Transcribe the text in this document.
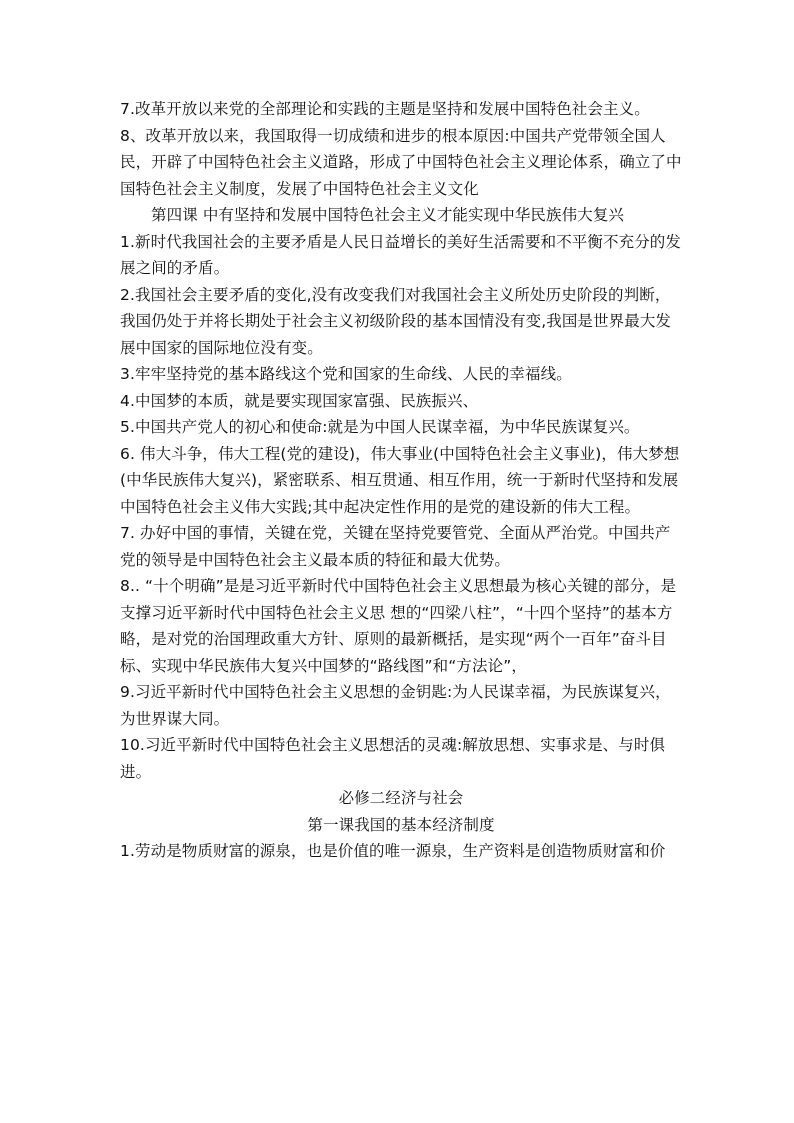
7.改革开放以来党的全部理论和实践的主题是坚持和发展中国特色社会主义。

8、改革开放以来，我国取得一切成绩和进步的根本原因:中国共产党带领全国人民，开辟了中国特色社会主义道路，形成了中国特色社会主义理论体系，确立了中国特色社会主义制度，发展了中国特色社会主义文化

第四课 中有坚持和发展中国特色社会主义才能实现中华民族伟大复兴

1.新时代我国社会的主要矛盾是人民日益增长的美好生活需要和不平衡不充分的发展之间的矛盾。

2.我国社会主要矛盾的变化,没有改变我们对我国社会主义所处历史阶段的判断，我国仍处于并将长期处于社会主义初级阶段的基本国情没有变,我国是世界最大发展中国家的国际地位没有变。

3.牢牢坚持党的基本路线这个党和国家的生命线、人民的幸福线。

4.中国梦的本质，就是要实现国家富强、民族振兴、

5.中国共产党人的初心和使命:就是为中国人民谋幸福，为中华民族谋复兴。

6. 伟大斗争，伟大工程(党的建设)，伟大事业(中国特色社会主义事业)，伟大梦想(中华民族伟大复兴)，紧密联系、相互贯通、相互作用，统一于新时代坚持和发展中国特色社会主义伟大实践;其中起决定性作用的是党的建设新的伟大工程。

7. 办好中国的事情，关键在党，关键在坚持党要管党、全面从严治党。中国共产党的领导是中国特色社会主义最本质的特征和最大优势。

8.. “十个明确”是是习近平新时代中国特色社会主义思想最为核心关键的部分，是支撑习近平新时代中国特色社会主义思 想的“四梁八柱”，“十四个坚持”的基本方略，是对党的治国理政重大方针、原则的最新概括，是实现“两个一百年”奋斗目标、实现中华民族伟大复兴中国梦的“路线图”和“方法论”，

9.习近平新时代中国特色社会主义思想的金钥匙:为人民谋幸福，为民族谋复兴，为世界谋大同。

10.习近平新时代中国特色社会主义思想活的灵魂:解放思想、实事求是、与时俱进。

必修二经济与社会

第一课我国的基本经济制度

1.劳动是物质财富的源泉，也是价值的唯一源泉，生产资料是创造物质财富和价
